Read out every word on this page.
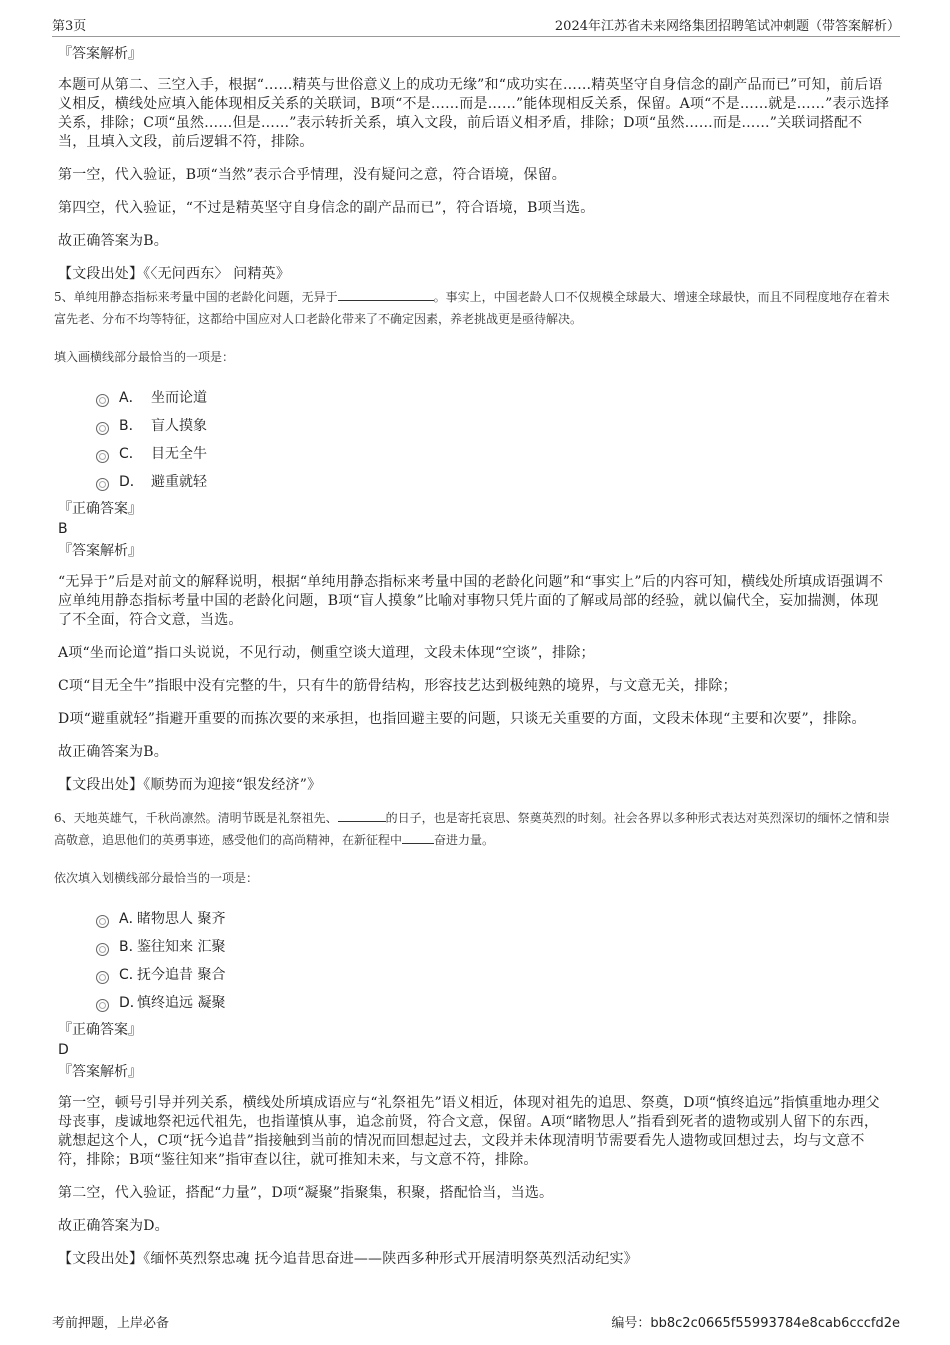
第3页	2024年江苏省未来网络集团招聘笔试冲刺题（带答案解析）
『答案解析』

本题可从第二、三空入手，根据“……精英与世俗意义上的成功无缘”和“成功实在……精英坚守自身信念的副产品而已”可知，前后语义相反，横线处应填入能体现相反关系的关联词，B项“不是……而是……”能体现相反关系，保留。A项“不是……就是……”表示选择关系，排除；C项“虽然……但是……”表示转折关系，填入文段，前后语义相矛盾，排除；D项“虽然……而是……”关联词搭配不当，且填入文段，前后逻辑不符，排除。

第一空，代入验证，B项“当然”表示合乎情理，没有疑问之意，符合语境，保留。

第四空，代入验证，“不过是精英坚守自身信念的副产品而已”，符合语境，B项当选。

故正确答案为B。

【文段出处】《〈无问西东〉 问精英》

5、单纯用静态指标来考量中国的老龄化问题，无异于	。事实上，中国老龄人口不仅规模全球最大、增速全球最快，而且不同程度地存在着未富先老、分布不均等特征，这都给中国应对人口老龄化带来了不确定因素，养老挑战更是亟待解决。
填入画横线部分最恰当的一项是：
A． 坐而论道
B． 盲人摸象
C． 目无全牛
D． 避重就轻
『正确答案』
B
『答案解析』

“无异于”后是对前文的解释说明，根据“单纯用静态指标来考量中国的老龄化问题”和“事实上”后的内容可知，横线处所填成语强调不应单纯用静态指标考量中国的老龄化问题，B项“盲人摸象”比喻对事物只凭片面的了解或局部的经验，就以偏代全，妄加揣测，体现了不全面，符合文意，当选。

A项“坐而论道”指口头说说，不见行动，侧重空谈大道理，文段未体现“空谈”，排除；

C项“目无全牛”指眼中没有完整的牛，只有牛的筋骨结构，形容技艺达到极纯熟的境界，与文意无关，排除；

D项“避重就轻”指避开重要的而拣次要的来承担，也指回避主要的问题，只谈无关重要的方面，文段未体现“主要和次要”，排除。

故正确答案为B。

【文段出处】《顺势而为迎接“银发经济”》

6、天地英雄气，千秋尚凛然。清明节既是礼祭祖先、	的日子，也是寄托哀思、祭奠英烈的时刻。社会各界以多种形式表达对英烈深切的缅怀之情和崇高敬意，追思他们的英勇事迹，感受他们的高尚精神，在新征程中	奋进力量。
依次填入划横线部分最恰当的一项是：
A．
睹物思人 聚齐
B．
鉴往知来 汇聚
C．
抚今追昔 聚合
D．
慎终追远 凝聚
『正确答案』
D
『答案解析』

第一空，顿号引导并列关系，横线处所填成语应与“礼祭祖先”语义相近，体现对祖先的追思、祭奠，D项“慎终追远”指慎重地办理父母丧事，虔诚地祭祀远代祖先，也指谨慎从事，追念前贤，符合文意，保留。A项“睹物思人”指看到死者的遗物或别人留下的东西，就想起这个人，C项“抚今追昔”指接触到当前的情况而回想起过去，文段并未体现清明节需要看先人遗物或回想过去，均与文意不符，排除；B项“鉴往知来”指审查以往，就可推知未来，与文意不符，排除。

第二空，代入验证，搭配“力量”，D项“凝聚”指聚集，积聚，搭配恰当，当选。

故正确答案为D。

【文段出处】《缅怀英烈祭忠魂 抚今追昔思奋进——陕西多种形式开展清明祭英烈活动纪实》

考前押题，上岸必备	编号：bb8c2c0665f55993784e8cab6cccfd2e
